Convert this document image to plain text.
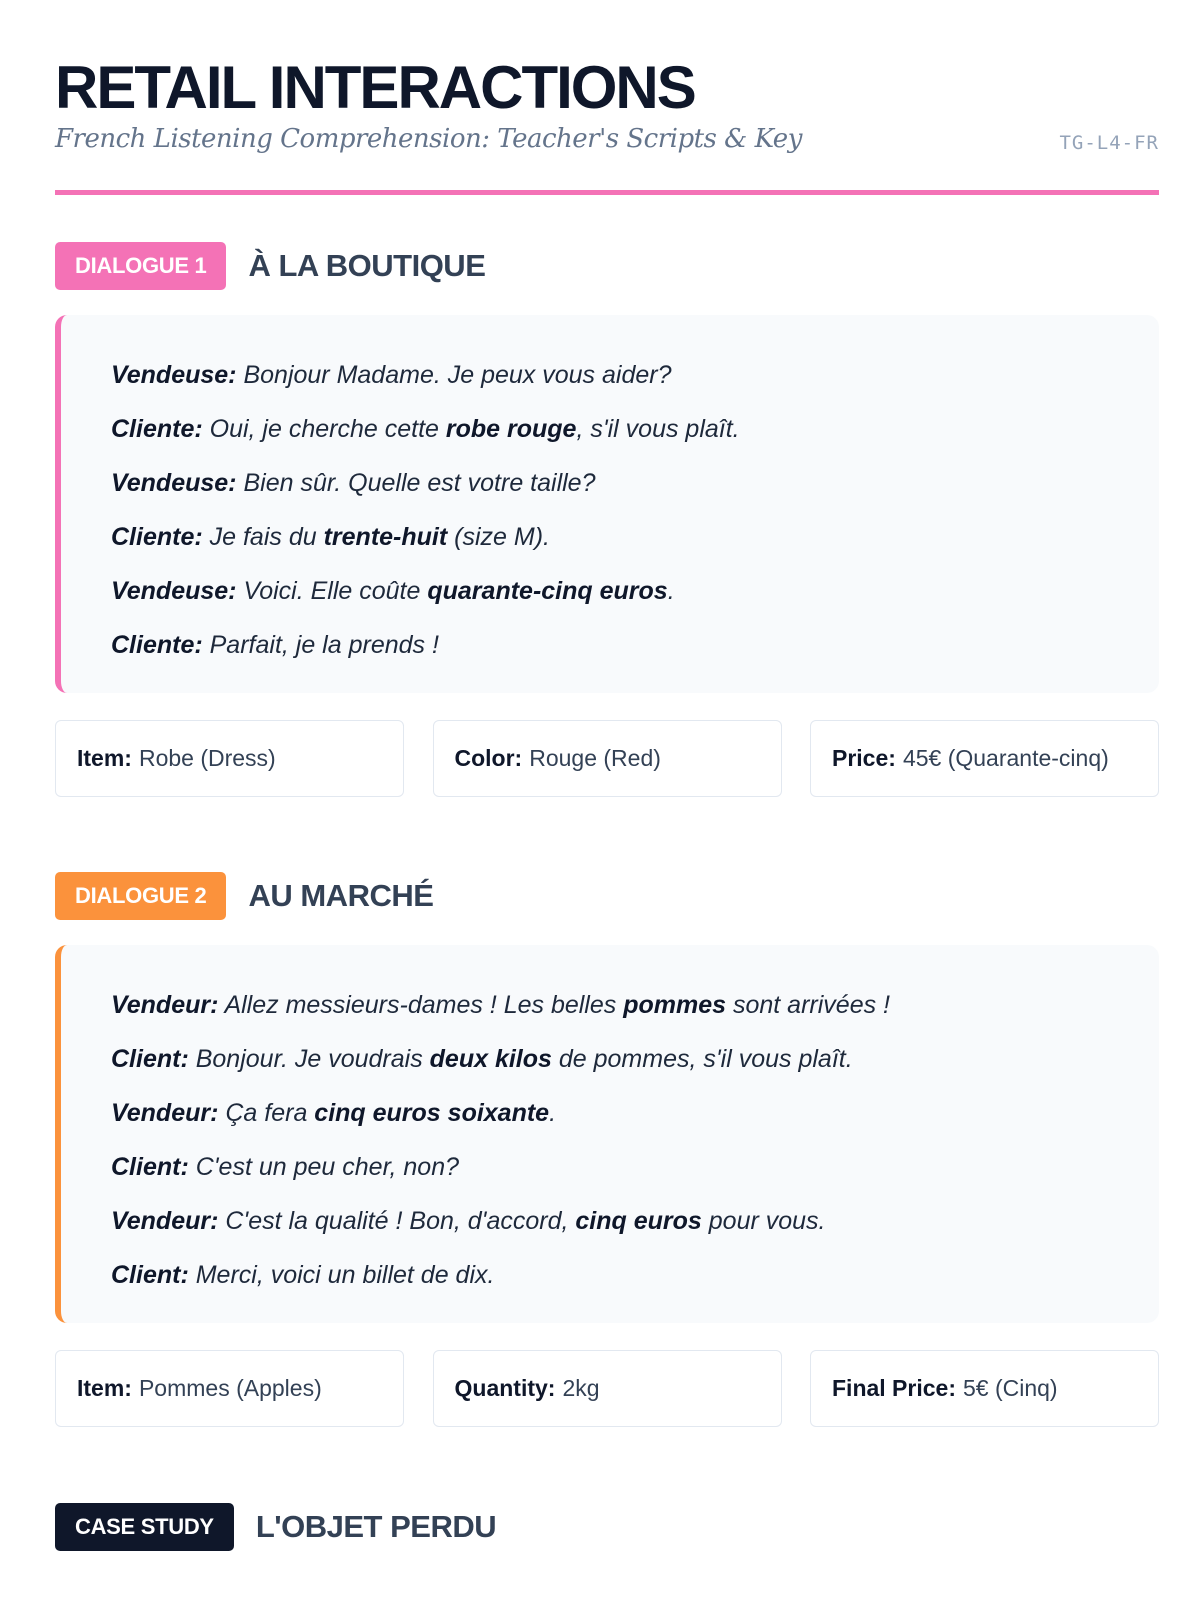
RETAIL INTERACTIONS
French Listening Comprehension: Teacher's Scripts & Key	TG-L4-FR
DIALOGUE 1	À LA BOUTIQUE
Vendeuse: Bonjour Madame. Je peux vous aider?
Cliente: Oui, je cherche cette robe rouge, s'il vous plaît.
Vendeuse: Bien sûr. Quelle est votre taille?
Cliente: Je fais du trente-huit (size M).
Vendeuse: Voici. Elle coûte quarante-cinq euros.
Cliente: Parfait, je la prends !
Item: Robe (Dress)	Color: Rouge (Red)	Price: 45€ (Quarante-cinq)
DIALOGUE 2	AU MARCHÉ
Vendeur: Allez messieurs-dames ! Les belles pommes sont arrivées !
Client: Bonjour. Je voudrais deux kilos de pommes, s'il vous plaît.
Vendeur: Ça fera cinq euros soixante.
Client: C'est un peu cher, non?
Vendeur: C'est la qualité ! Bon, d'accord, cinq euros pour vous.
Client: Merci, voici un billet de dix.
Item: Pommes (Apples)	Quantity: 2kg	Final Price: 5€ (Cinq)
CASE STUDY	L'OBJET PERDU
